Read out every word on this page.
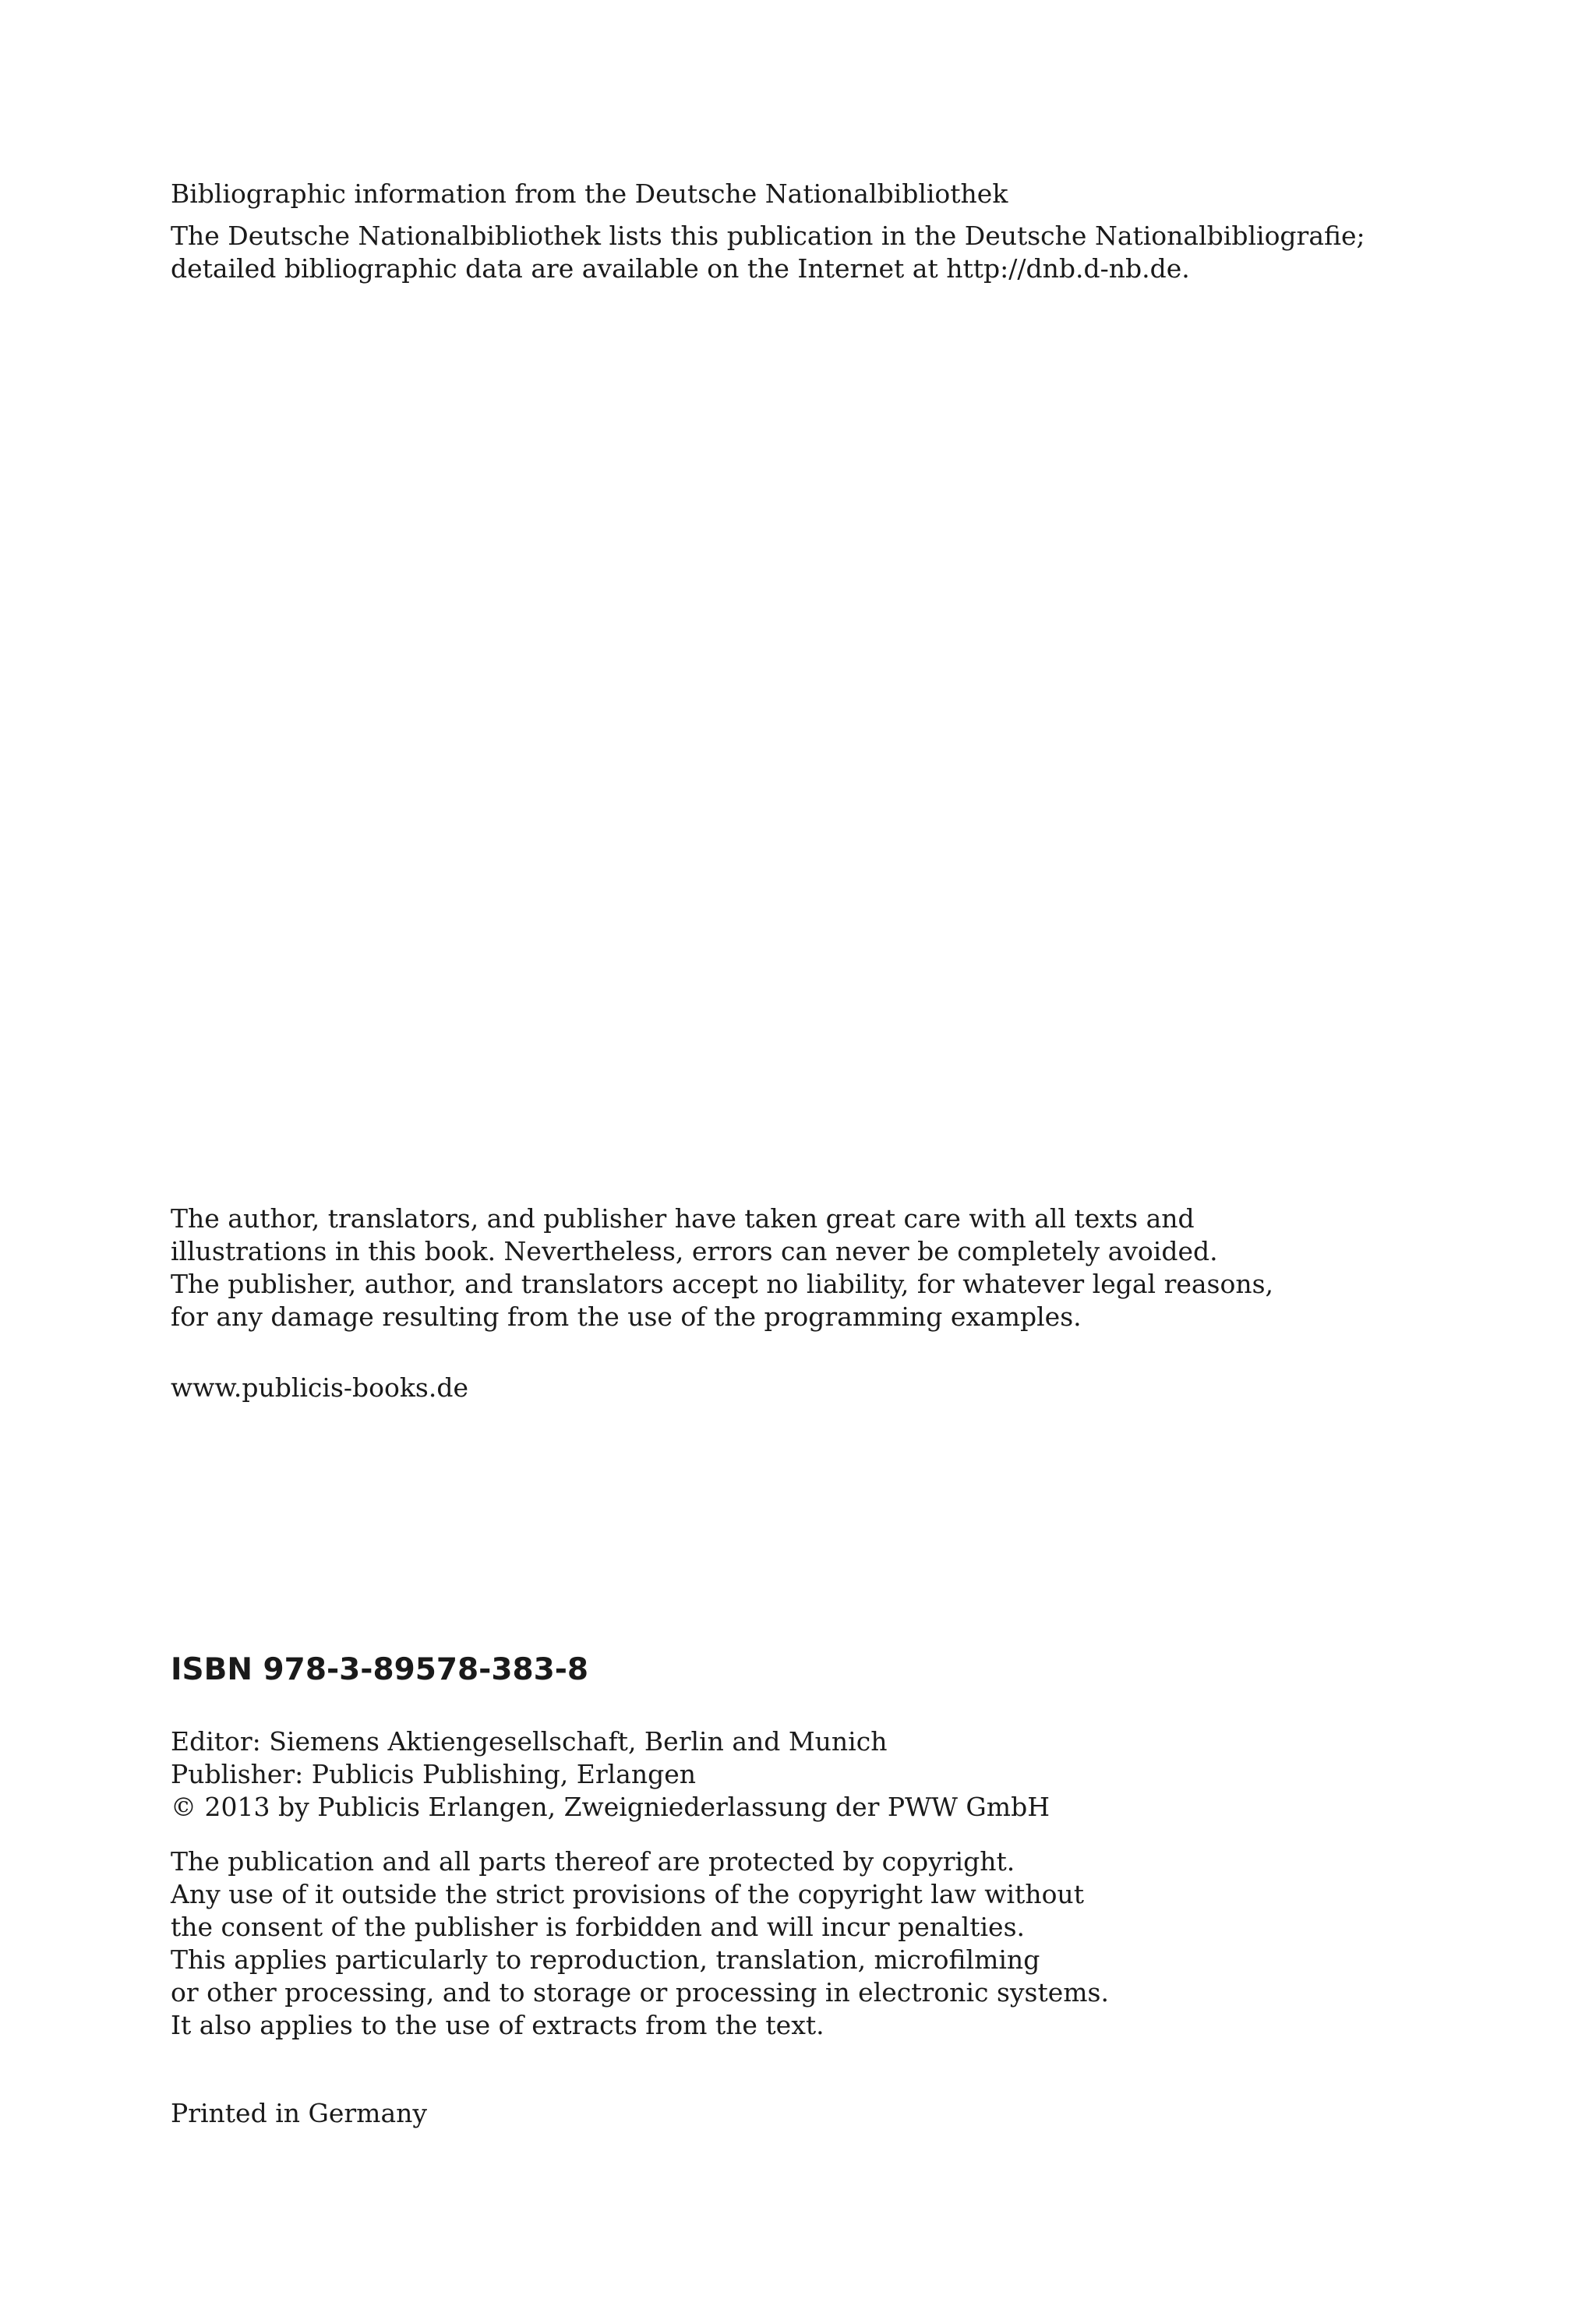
Bibliographic information from the Deutsche Nationalbibliothek
The Deutsche Nationalbibliothek lists this publication in the Deutsche Nationalbibliografie;
detailed bibliographic data are available on the Internet at http://dnb.d-nb.de.
The author, translators, and publisher have taken great care with all texts and
illustrations in this book. Nevertheless, errors can never be completely avoided.
The publisher, author, and translators accept no liability, for whatever legal reasons,
for any damage resulting from the use of the programming examples.
www.publicis-books.de
ISBN 978-3-89578-383-8
Editor: Siemens Aktiengesellschaft, Berlin and Munich
Publisher: Publicis Publishing, Erlangen
© 2013 by Publicis Erlangen, Zweigniederlassung der PWW GmbH
The publication and all parts thereof are protected by copyright.
Any use of it outside the strict provisions of the copyright law without
the consent of the publisher is forbidden and will incur penalties.
This applies particularly to reproduction, translation, microfilming
or other processing, and to storage or processing in electronic systems.
It also applies to the use of extracts from the text.
Printed in Germany
